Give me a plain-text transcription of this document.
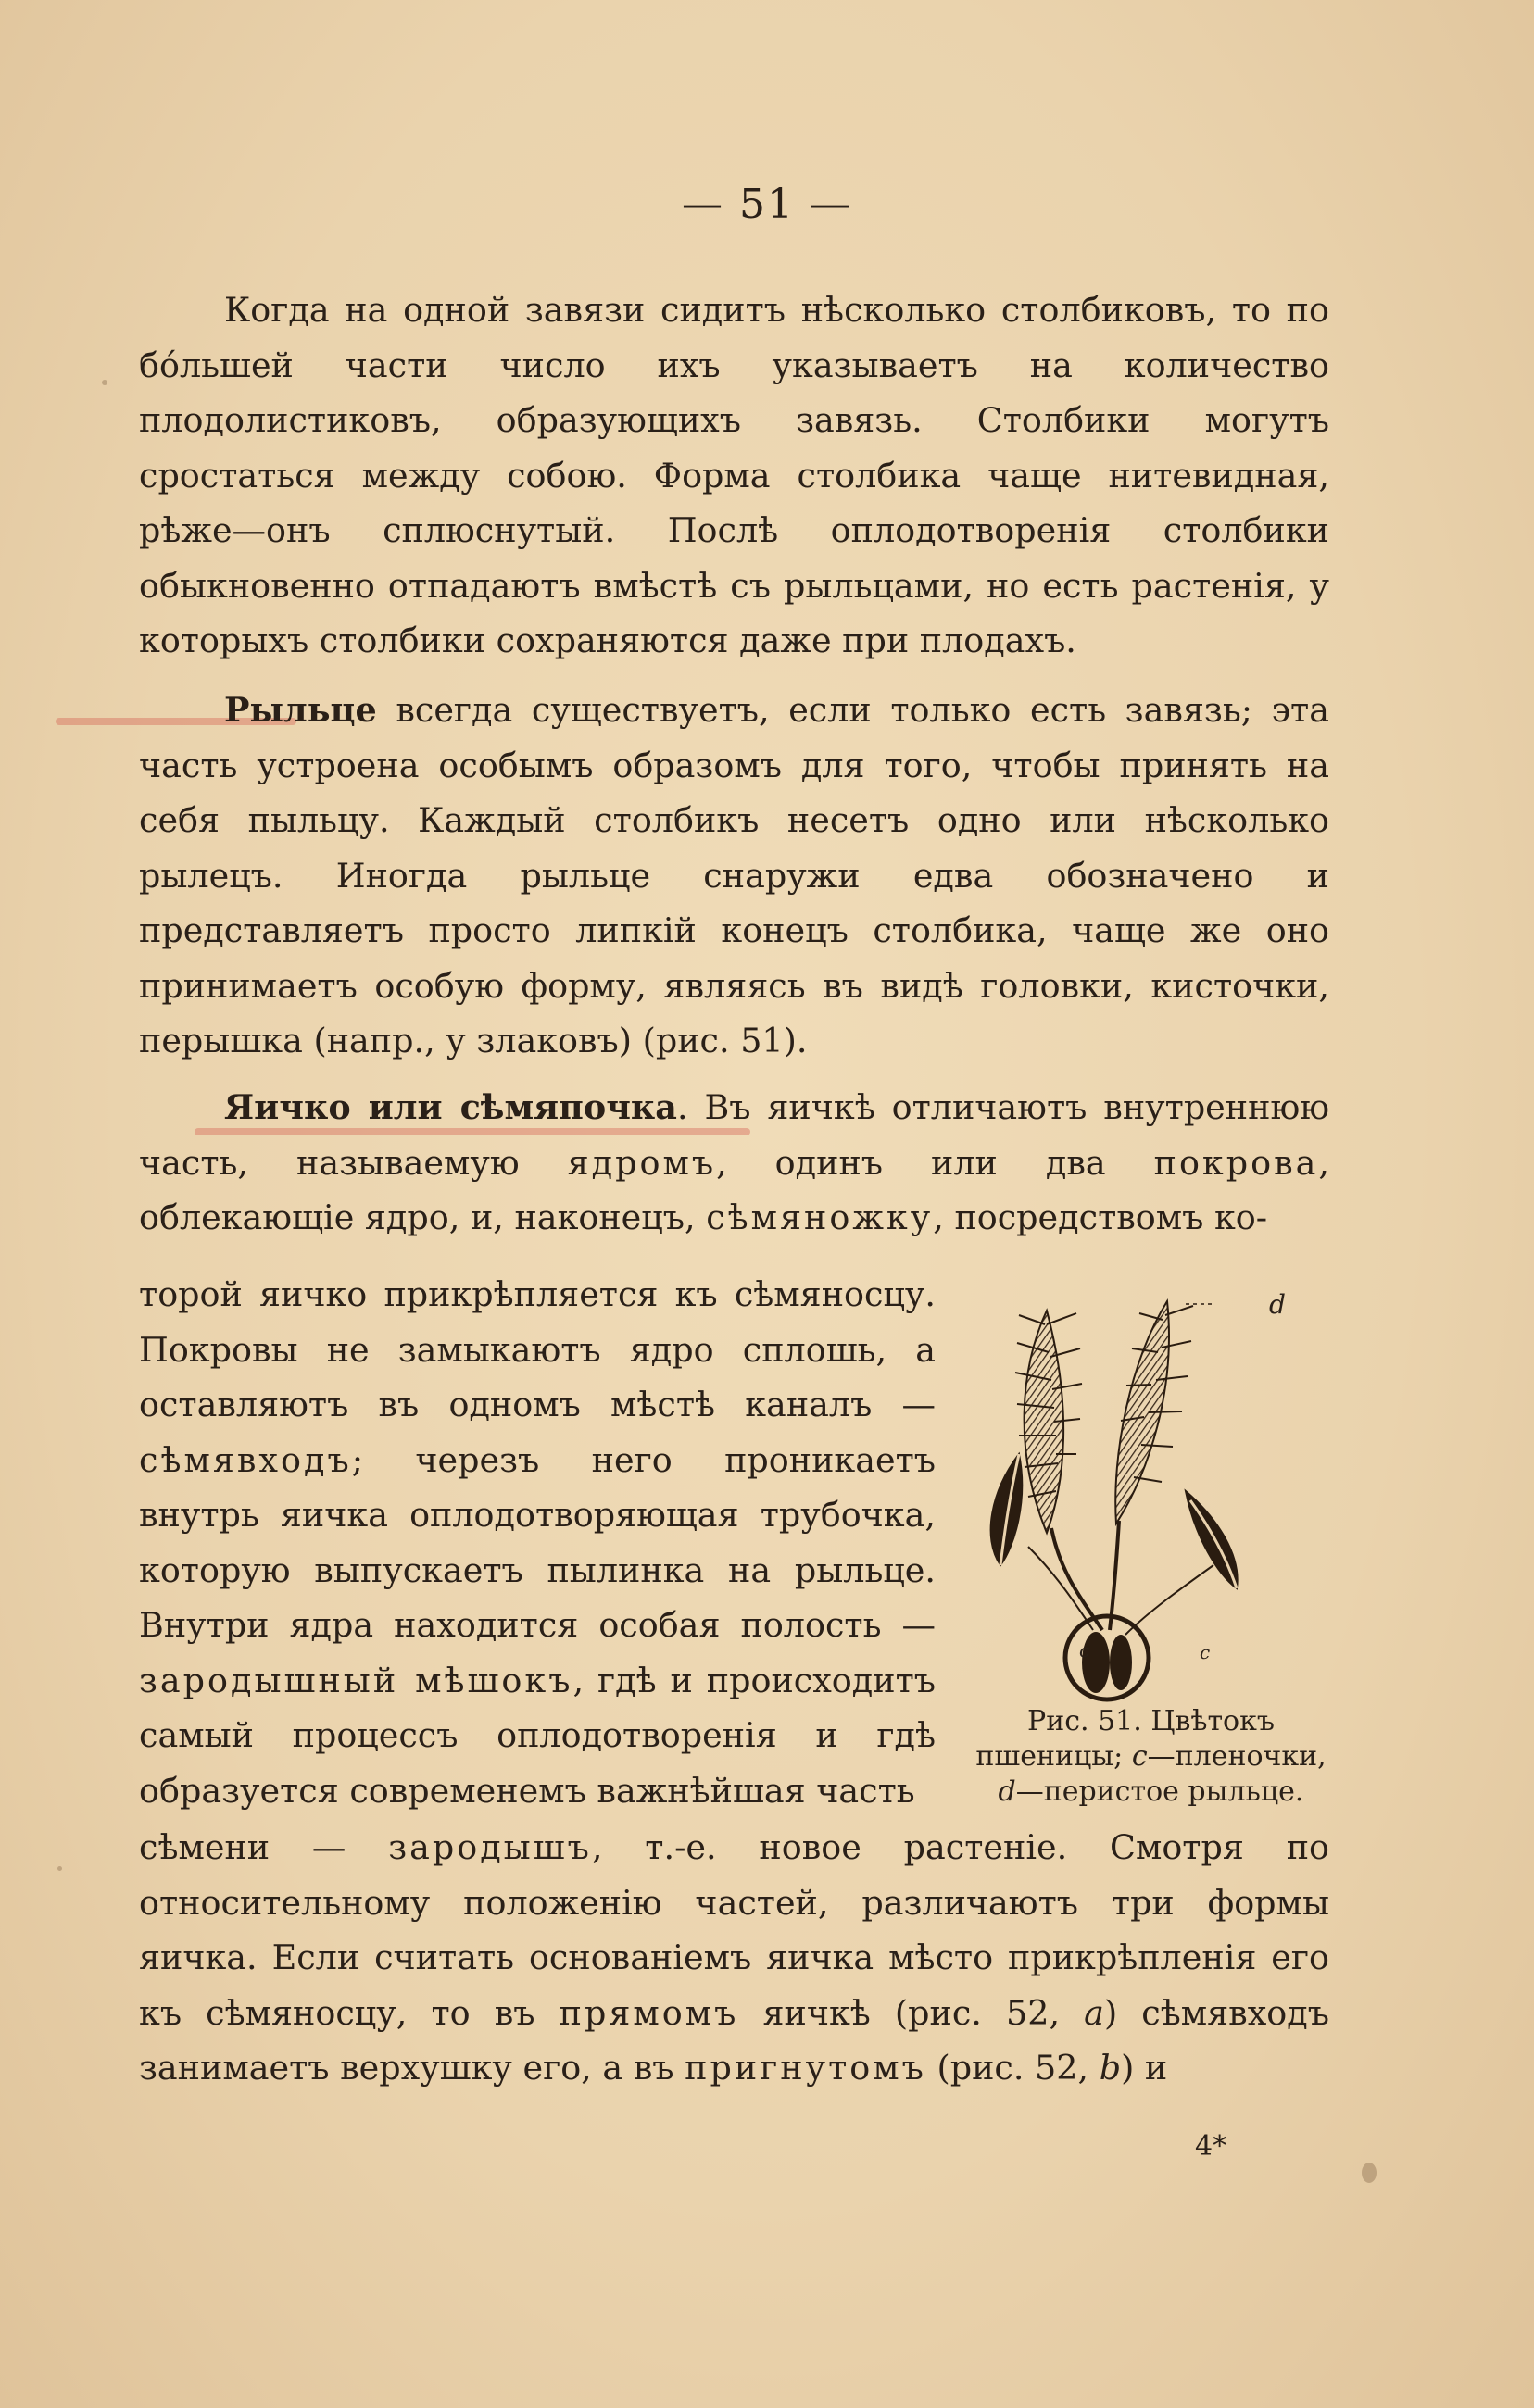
— 51 —

Когда на одной завязи сидитъ нѣсколько столбиковъ, то по бóльшей части число ихъ указываетъ на количество плодолистиковъ, образующихъ завязь. Столбики могутъ сростаться между собою. Форма столбика чаще нитевидная, рѣже—онъ сплюснутый. Послѣ оплодотворенія столбики обыкновенно отпадаютъ вмѣстѣ съ рыльцами, но есть растенія, у которыхъ столбики сохраняются даже при плодахъ.

Рыльце всегда существуетъ, если только есть завязь; эта часть устроена особымъ образомъ для того, чтобы принять на себя пыльцу. Каждый столбикъ несетъ одно или нѣсколько рылецъ. Иногда рыльце снаружи едва обозначено и представляетъ просто липкій конецъ столбика, чаще же оно принимаетъ особую форму, являясь въ видѣ головки, кисточки, перышка (напр., у злаковъ) (рис. 51).

Яичко или сѣмяпочка. Въ яичкѣ отличаютъ внутреннюю часть, называемую ядромъ, одинъ или два покрова, облекающіе ядро, и, наконецъ, сѣмяножку, посредствомъ ко-

торой яичко прикрѣпляется къ сѣмяносцу. Покровы не замыкаютъ ядро сплошь, а оставляютъ въ одномъ мѣстѣ каналъ — сѣмявходъ; черезъ него проникаетъ внутрь яичка оплодотворяющая трубочка, которую выпускаетъ пылинка на рыльце. Внутри ядра находится особая полость — зародышный мѣшокъ, гдѣ и происходитъ самый процессъ оплодотворенія и гдѣ образуется современемъ важнѣйшая часть

d
c	c

Рис. 51. Цвѣтокъ
пшеницы; c—пленочки,
d—перистое рыльце.

сѣмени — зародышъ, т.-е. новое растеніе. Смотря по относительному положенію частей, различаютъ три формы яичка. Если считать основаніемъ яичка мѣсто прикрѣпленія его къ сѣмяносцу, то въ прямомъ яичкѣ (рис. 52, a) сѣмявходъ занимаетъ верхушку его, а въ пригнутомъ (рис. 52, b) и

4*
